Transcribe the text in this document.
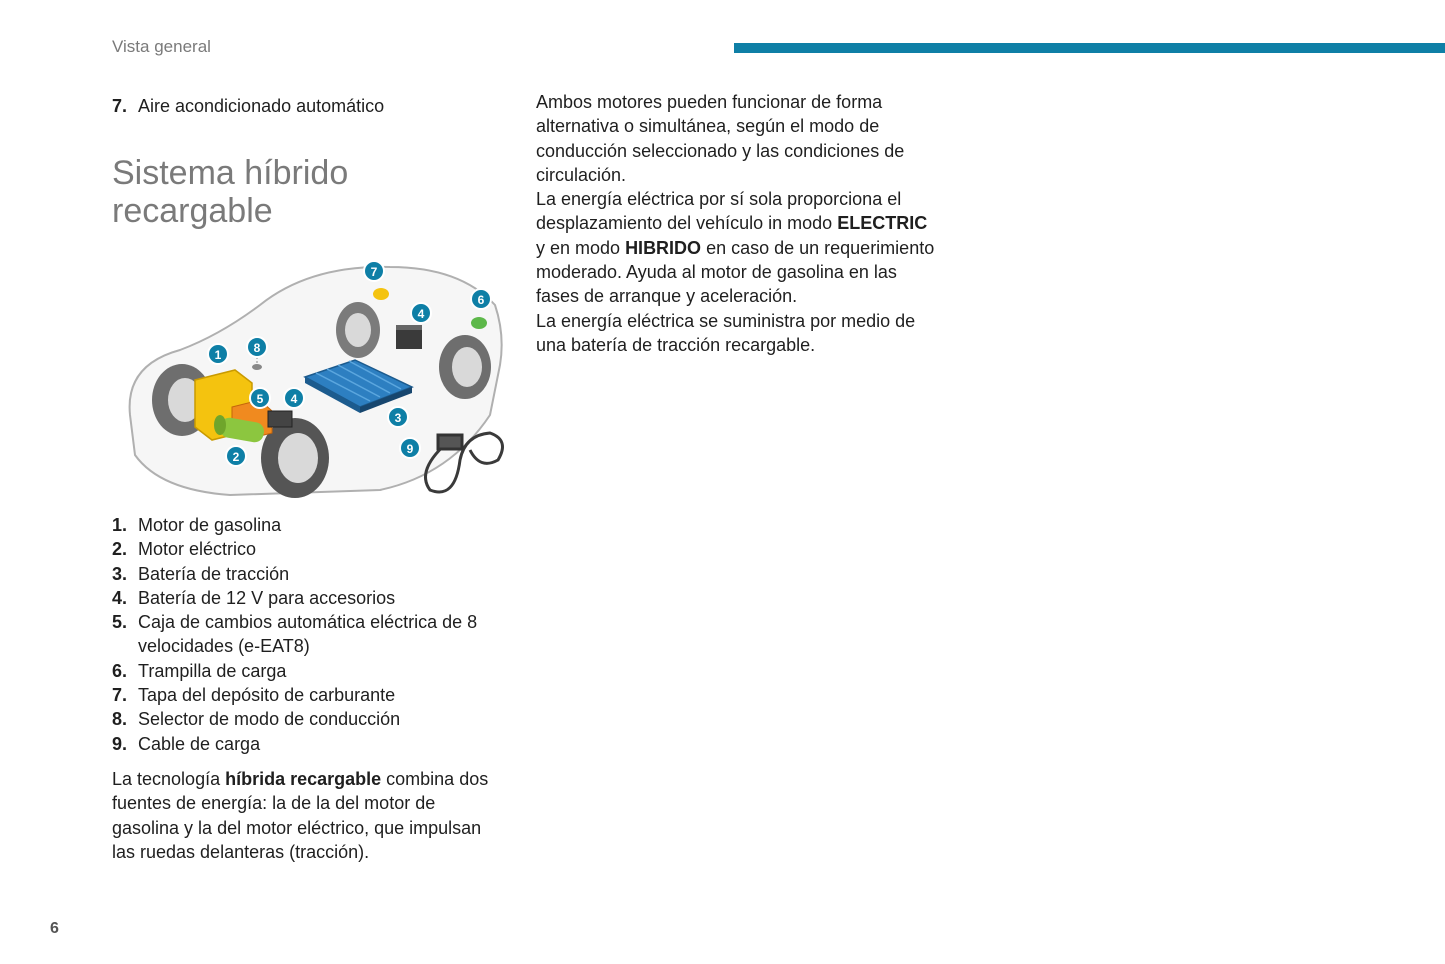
Vista general
7. Aire acondicionado automático
Sistema híbrido recargable
1
2
3
4
4
5
6
7
8
9
1. Motor de gasolina
2. Motor eléctrico
3. Batería de tracción
4. Batería de 12 V para accesorios
5. Caja de cambios automática eléctrica de 8 velocidades (e-EAT8)
6. Trampilla de carga
7. Tapa del depósito de carburante
8. Selector de modo de conducción
9. Cable de carga

La tecnología híbrida recargable combina dos fuentes de energía: la de la del motor de gasolina y la del motor eléctrico, que impulsan las ruedas delanteras (tracción).

Ambos motores pueden funcionar de forma alternativa o simultánea, según el modo de conducción seleccionado y las condiciones de circulación.

La energía eléctrica por sí sola proporciona el desplazamiento del vehículo in modo ELECTRIC y en modo HIBRIDO en caso de un requerimiento moderado. Ayuda al motor de gasolina en las fases de arranque y aceleración.

La energía eléctrica se suministra por medio de una batería de tracción recargable.

6
